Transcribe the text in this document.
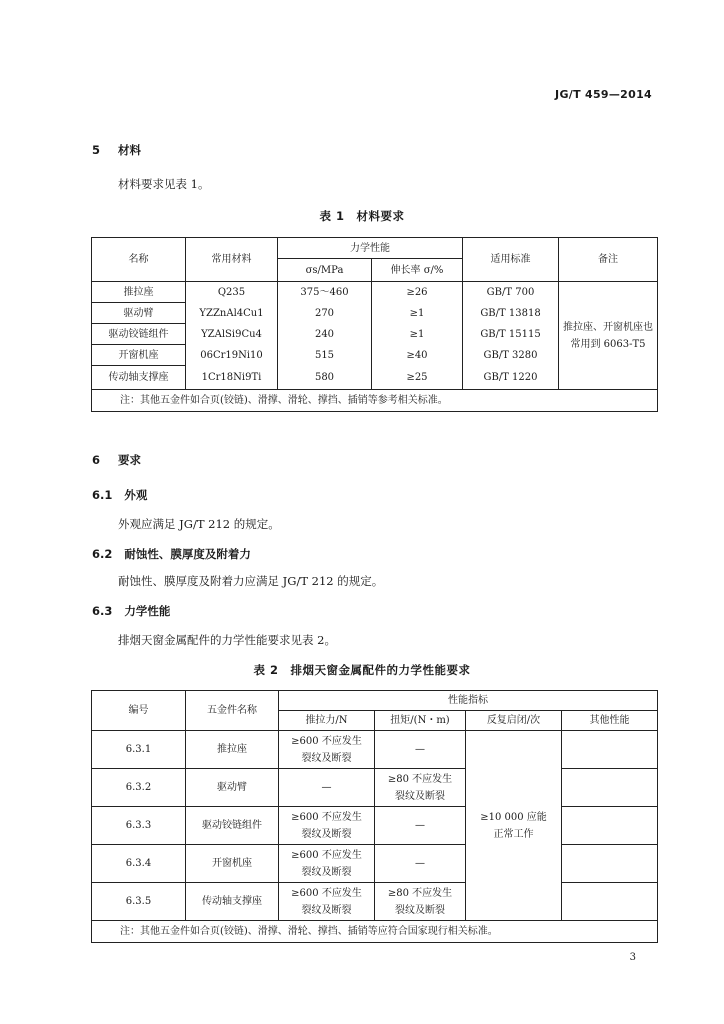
JG/T 459—2014
5 材料
材料要求见表 1。
表 1　材料要求
名称	常用材料	力学性能		适用标准	备注
		σs/MPa	伸长率 σ/%		
推拉座	Q235	375～460	≥26	GB/T 700	推拉座、开窗机座也常用到 6063-T5
驱动臂	YZZnAl4Cu1	270	≥1	GB/T 13818	
驱动铰链组件	YZAlSi9Cu4	240	≥1	GB/T 15115	
开窗机座	06Cr19Ni10	515	≥40	GB/T 3280	
传动轴支撑座	1Cr18Ni9Ti	580	≥25	GB/T 1220	
注：其他五金件如合页(铰链)、滑撑、滑轮、撑挡、插销等参考相关标准。					
6 要求
6.1 外观
外观应满足 JG/T 212 的规定。
6.2 耐蚀性、膜厚度及附着力
耐蚀性、膜厚度及附着力应满足 JG/T 212 的规定。
6.3 力学性能
排烟天窗金属配件的力学性能要求见表 2。
表 2　排烟天窗金属配件的力学性能要求
编号	五金件名称	性能指标			
		推拉力/N	扭矩/(N・m)	反复启闭/次	其他性能
6.3.1	推拉座	≥600 不应发生裂纹及断裂	—	≥10 000 应能正常工作	
6.3.2	驱动臂	—	≥80 不应发生裂纹及断裂		
6.3.3	驱动铰链组件	≥600 不应发生裂纹及断裂	—		
6.3.4	开窗机座	≥600 不应发生裂纹及断裂	—		
6.3.5	传动轴支撑座	≥600 不应发生裂纹及断裂	≥80 不应发生裂纹及断裂		
注：其他五金件如合页(铰链)、滑撑、滑轮、撑挡、插销等应符合国家现行相关标准。					
3
